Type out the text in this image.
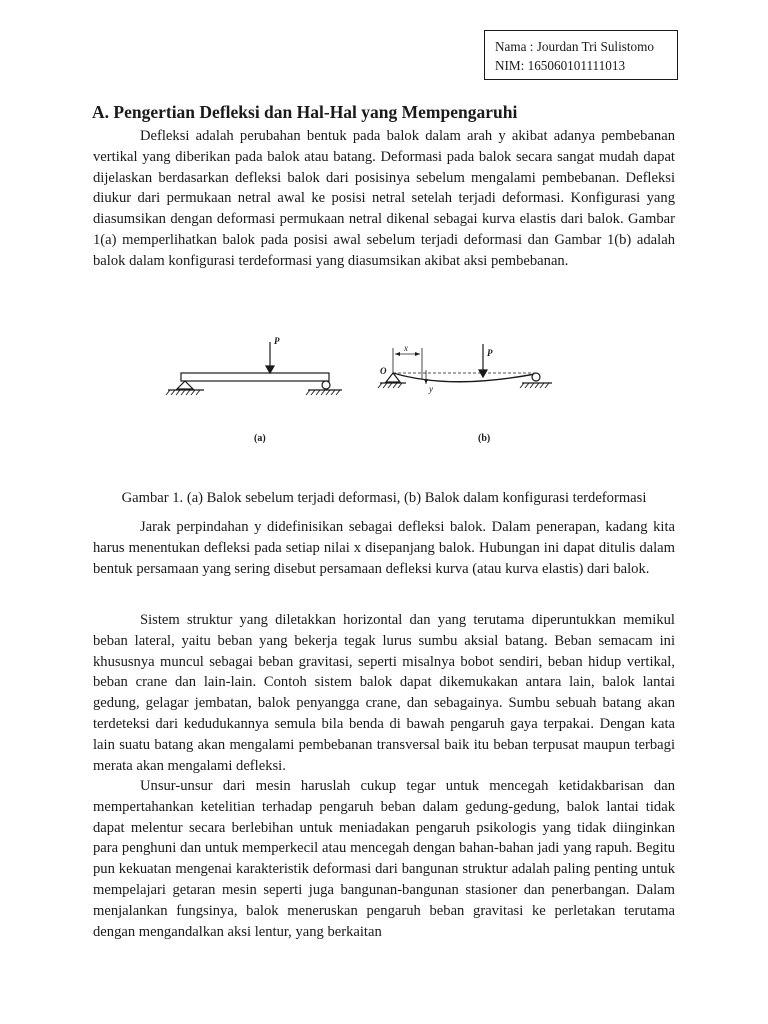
Nama : Jourdan Tri Sulistomo
NIM: 165060101111013
A. Pengertian Defleksi dan Hal-Hal yang Mempengaruhi

Defleksi adalah perubahan bentuk pada balok dalam arah y akibat adanya pembebanan vertikal yang diberikan pada balok atau batang. Deformasi pada balok secara sangat mudah dapat dijelaskan berdasarkan defleksi balok dari posisinya sebelum mengalami pembebanan. Defleksi diukur dari permukaan netral awal ke posisi netral setelah terjadi deformasi. Konfigurasi yang diasumsikan dengan deformasi permukaan netral dikenal sebagai kurva elastis dari balok. Gambar 1(a) memperlihatkan balok pada posisi awal sebelum terjadi deformasi dan Gambar 1(b) adalah balok dalam konfigurasi terdeformasi yang diasumsikan akibat aksi pembebanan.

P
(a)
P
O
x
y
(b)

Gambar 1. (a) Balok sebelum terjadi deformasi, (b) Balok dalam konfigurasi terdeformasi

Jarak perpindahan y didefinisikan sebagai defleksi balok. Dalam penerapan, kadang kita harus menentukan defleksi pada setiap nilai x disepanjang balok. Hubungan ini dapat ditulis dalam bentuk persamaan yang sering disebut persamaan defleksi kurva (atau kurva elastis) dari balok.

Sistem struktur yang diletakkan horizontal dan yang terutama diperuntukkan memikul beban lateral, yaitu beban yang bekerja tegak lurus sumbu aksial batang. Beban semacam ini khususnya muncul sebagai beban gravitasi, seperti misalnya bobot sendiri, beban hidup vertikal, beban crane dan lain-lain. Contoh sistem balok dapat dikemukakan antara lain, balok lantai gedung, gelagar jembatan, balok penyangga crane, dan sebagainya. Sumbu sebuah batang akan terdeteksi dari kedudukannya semula bila benda di bawah pengaruh gaya terpakai. Dengan kata lain suatu batang akan mengalami pembebanan transversal baik itu beban terpusat maupun terbagi merata akan mengalami defleksi.

Unsur-unsur dari mesin haruslah cukup tegar untuk mencegah ketidakbarisan dan mempertahankan ketelitian terhadap pengaruh beban dalam gedung-gedung, balok lantai tidak dapat melentur secara berlebihan untuk meniadakan pengaruh psikologis yang tidak diinginkan para penghuni dan untuk memperkecil atau mencegah dengan bahan-bahan jadi yang rapuh. Begitu pun kekuatan mengenai karakteristik deformasi dari bangunan struktur adalah paling penting untuk mempelajari getaran mesin seperti juga bangunan-bangunan stasioner dan penerbangan. Dalam menjalankan fungsinya, balok meneruskan pengaruh beban gravitasi ke perletakan terutama dengan mengandalkan aksi lentur, yang berkaitan
